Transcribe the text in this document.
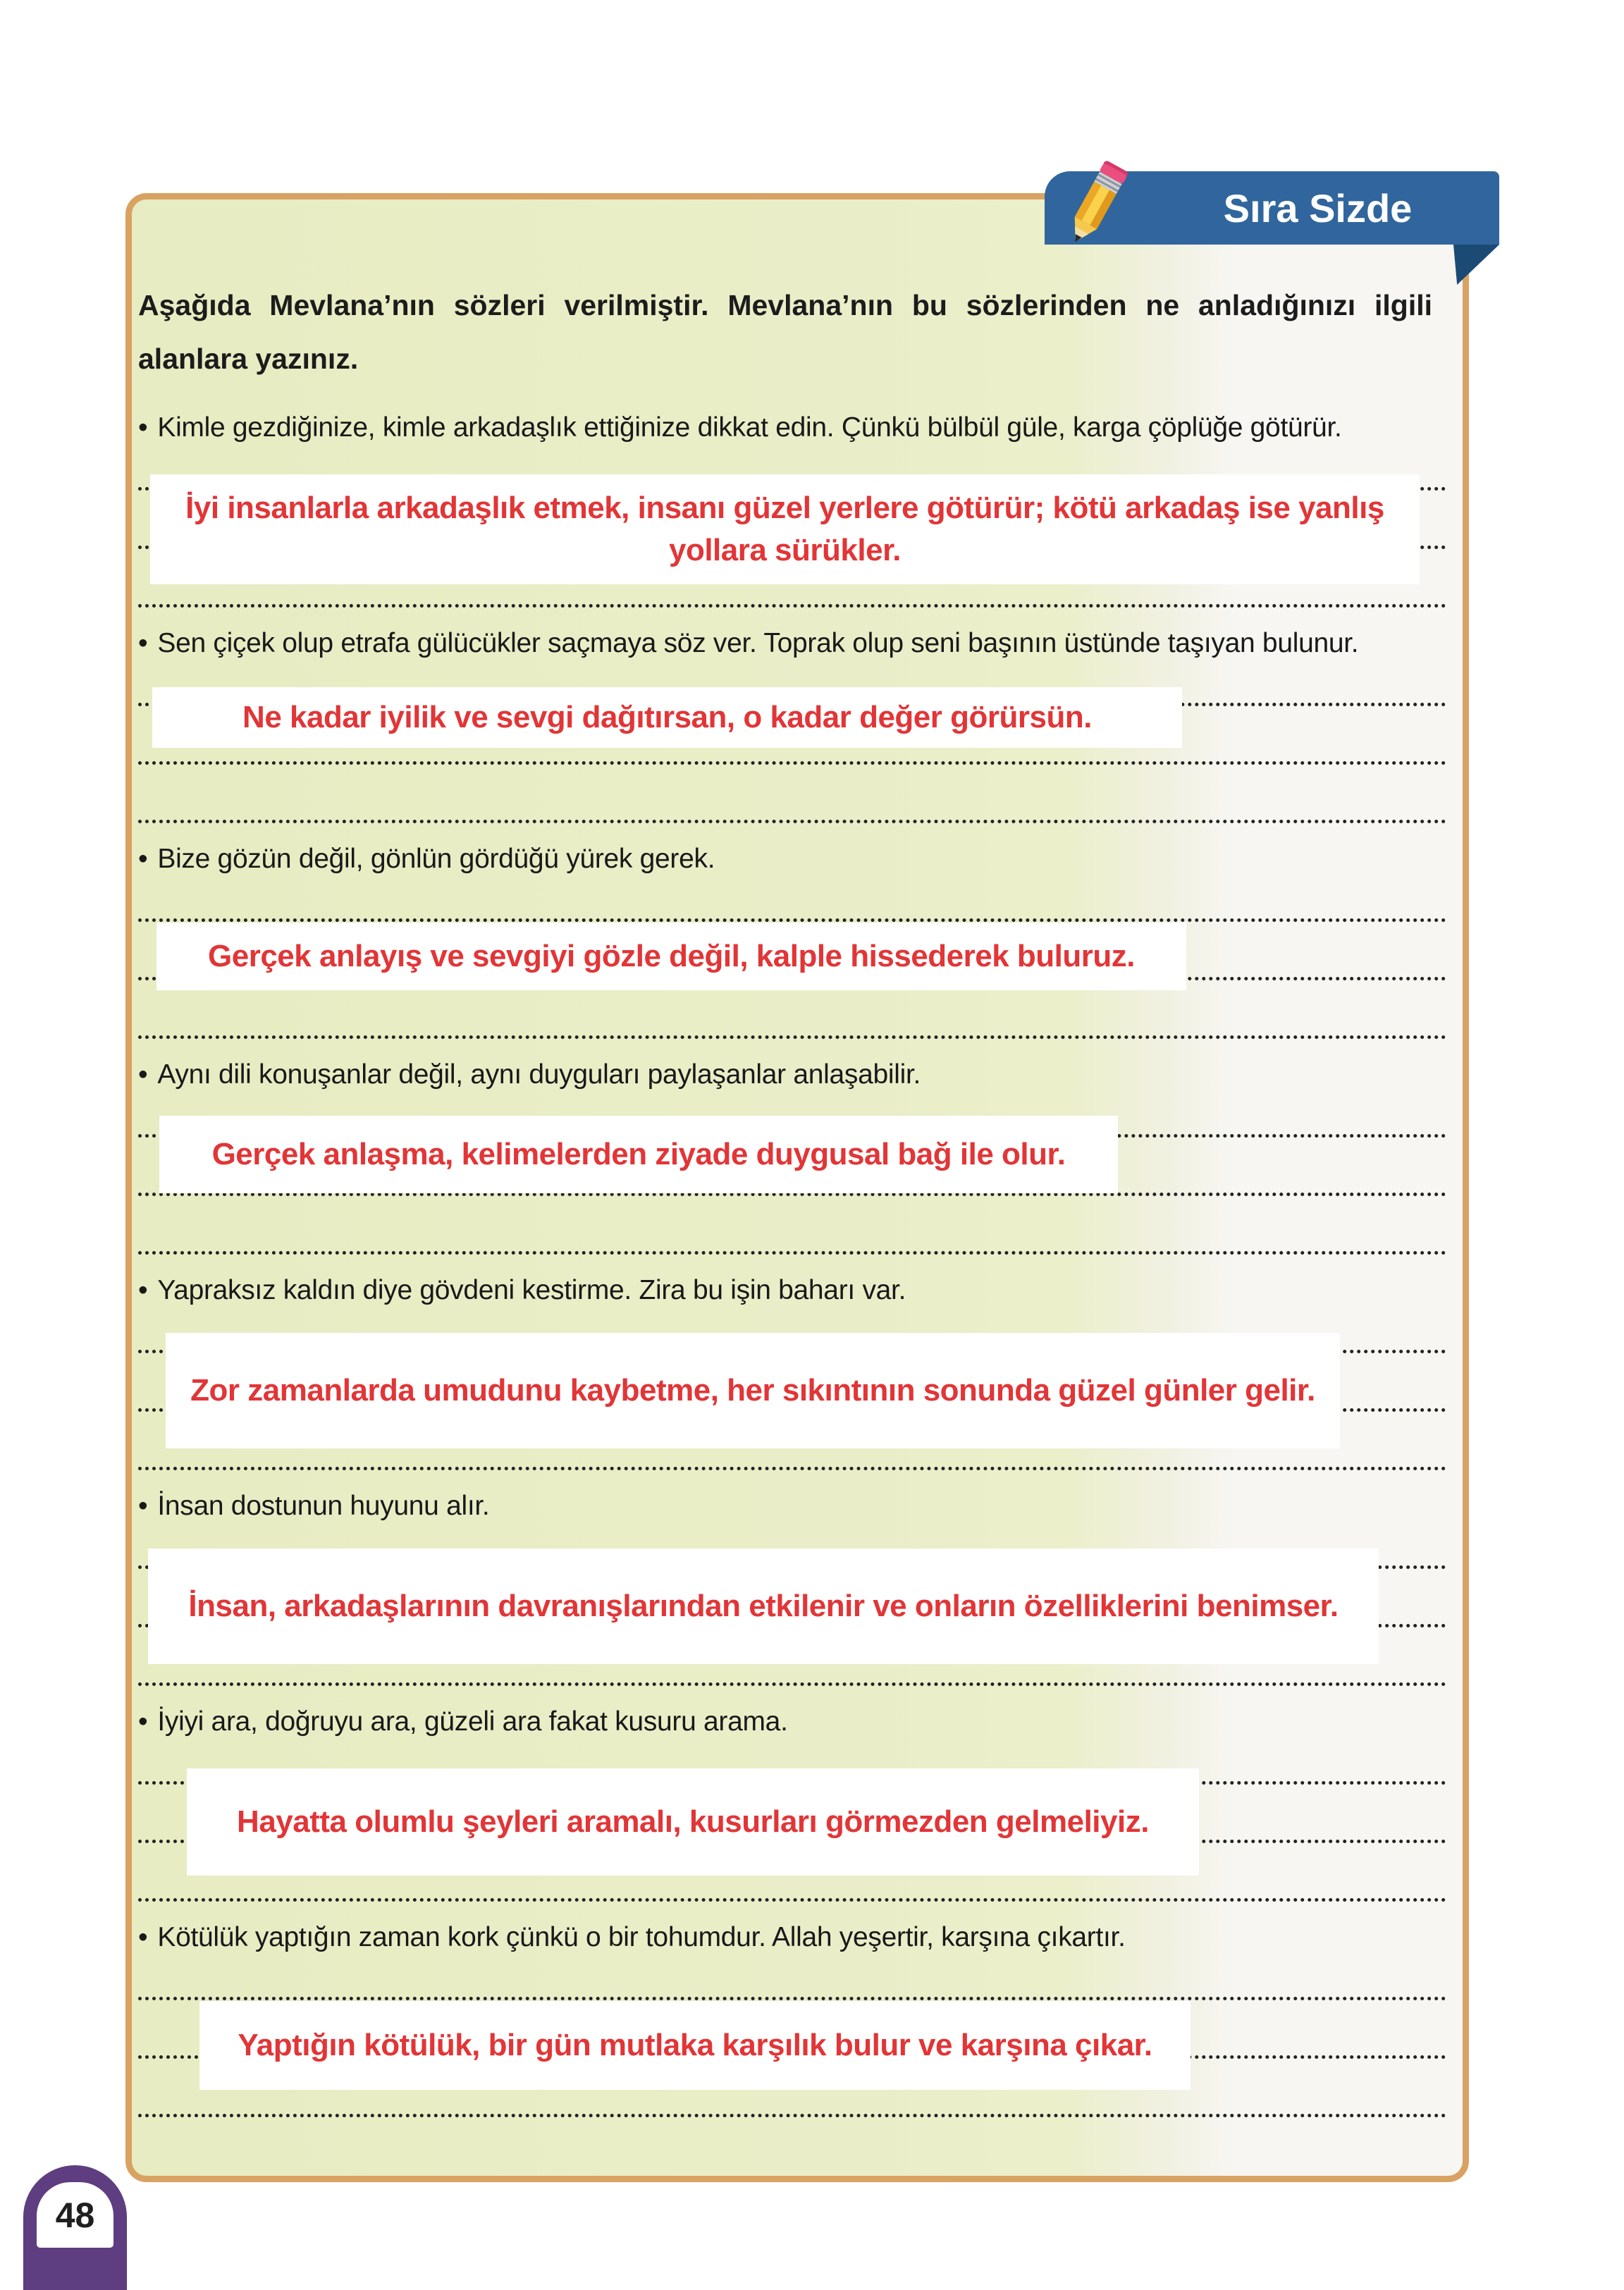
Aşağıda Mevlana’nın sözleri verilmiştir. Mevlana’nın bu sözlerinden ne anladığınızı ilgili alanlara yazınız.

• Kimle gezdiğinize, kimle arkadaşlık ettiğinize dikkat edin. Çünkü bülbül güle, karga çöplüğe götürür.
İyi insanlarla arkadaşlık etmek, insanı güzel yerlere götürür; kötü arkadaş ise yanlış yollara sürükler.
• Sen çiçek olup etrafa gülücükler saçmaya söz ver. Toprak olup seni başının üstünde taşıyan bulunur.
Ne kadar iyilik ve sevgi dağıtırsan, o kadar değer görürsün.
• Bize gözün değil, gönlün gördüğü yürek gerek.
Gerçek anlayış ve sevgiyi gözle değil, kalple hissederek buluruz.
• Aynı dili konuşanlar değil, aynı duyguları paylaşanlar anlaşabilir.
Gerçek anlaşma, kelimelerden ziyade duygusal bağ ile olur.
• Yapraksız kaldın diye gövdeni kestirme. Zira bu işin baharı var.
Zor zamanlarda umudunu kaybetme, her sıkıntının sonunda güzel günler gelir.
• İnsan dostunun huyunu alır.
İnsan, arkadaşlarının davranışlarından etkilenir ve onların özelliklerini benimser.
• İyiyi ara, doğruyu ara, güzeli ara fakat kusuru arama.
Hayatta olumlu şeyleri aramalı, kusurları görmezden gelmeliyiz.
• Kötülük yaptığın zaman kork çünkü o bir tohumdur. Allah yeşertir, karşına çıkartır.
Yaptığın kötülük, bir gün mutlaka karşılık bulur ve karşına çıkar.
Sıra Sizde
48
